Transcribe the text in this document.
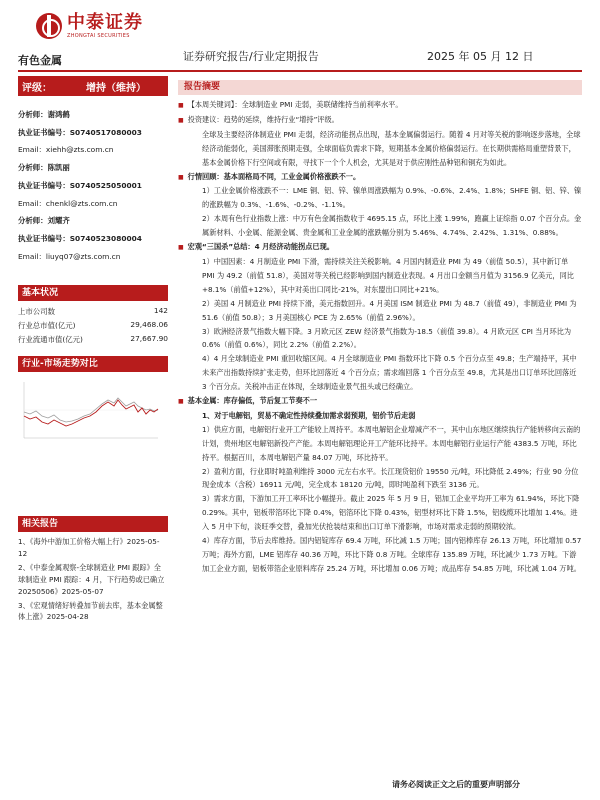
中泰证券
ZHONGTAI SECURITIES
有色金属	证券研究报告/行业定期报告	2025 年 05 月 12 日
评级：	增持（维持）
分析师：谢鸿鹤
执业证书编号：S0740517080003
Email：xiehh@zts.com.cn
分析师：陈凯丽
执业证书编号：S0740525050001
Email：chenkl@zts.com.cn
分析师：刘耀齐
执业证书编号：S0740523080004
Email：liuyq07@zts.com.cn
基本状况
上市公司数	142
行业总市值(亿元)	29,468.06
行业流通市值(亿元)	27,667.90
行业-市场走势对比
相关报告
1、《海外中游加工价格大幅上行》2025-05-12
2、《中泰金属观察-全球制造业 PMI 跟踪》全球制造业 PMI 跟踪：4 月，下行趋势或已确立 20250506》2025-05-07
3、《宏观情绪好转叠加节前去库，基本金属整体上涨》2025-04-28
报告摘要

■ 【本周关键词】：全球制造业 PMI 走弱，美联储维持当前利率水平。

■ 投资建议：趋势的延续，维持行业“增持”评级。

全球及主要经济体制造业 PMI 走弱，经济动能拐点出现，基本金属偏弱运行。随着 4 月对等关税的影响逐步落地，全球经济动能弱化，美国滞胀预期走强，全球面临负需求下降，短期基本金属价格偏弱运行。在长期供需格局重塑背景下，基本金属价格下行空间或有限，寻找下一个个人机会，尤其是对于供应刚性品种铝和铜充为如此。

■ 行情回顾：基本面格局不同，工业金属价格涨跌不一。

1）工业金属价格涨跌不一：LME 铜、铝、锌、镍单周涨跌幅为 0.9%、-0.6%、2.4%、1.8%；SHFE 铜、铝、锌、镍的涨跌幅为 0.3%、-1.6%、-0.2%、-1.1%。

2）本周有色行业指数上涨：中万有色金属指数收于 4695.15 点，环比上涨 1.99%，跑赢上证综指 0.07 个百分点。金属新材料、小金属、能源金属、贵金属和工业金属的涨跌幅分别为 5.46%、4.74%、2.42%、1.31%、0.88%。

■ 宏观“三国杀”总结：4 月经济动能拐点已现。

1）中国因素：4 月制造业 PMI 下滑，需持续关注关税影响。4 月国内制造业 PMI 为 49（前值 50.5），其中新订单 PMI 为 49.2（前值 51.8），美国对等关税已经影响到国内制造业表现。4 月出口金额当月值为 3156.9 亿美元，同比+8.1%（前值+12%），其中对美出口同比-21%，对东盟出口同比+21%。

2）美国 4 月制造业 PMI 持续下滑，美元指数回升。4 月美国 ISM 制造业 PMI 为 48.7（前值 49），非制造业 PMI 为 51.6（前值 50.8）；3 月美国核心 PCE 为 2.65%（前值 2.96%）。

3）欧洲经济景气指数大幅下降。3 月欧元区 ZEW 经济景气指数为-18.5（前值 39.8）。4 月欧元区 CPI 当月环比为 0.6%（前值 0.6%），同比 2.2%（前值 2.2%）。

4）4 月全球制造业 PMI 重回收缩区间。4 月全球制造业 PMI 指数环比下降 0.5 个百分点至 49.8；生产端持平，其中未来产出指数持续扩张走势，但环比回落近 4 个百分点；需求端回落 1 个百分点至 49.8，尤其是出口订单环比回落近 3 个百分点。关税冲击正在体现，全球制造业景气扭头或已经确立。

■ 基本金属：库存偏低，节后复工节奏不一

1、对于电解铝，贸易不确定性持续叠加需求弱预期，铝价节后走弱

1）供应方面，电解铝行业开工产能较上周持平。本周电解铝企业增减产不一，其中山东地区继续执行产能转移向云南的计划，贵州地区电解铝新投产产能。本周电解铝理论开工产能环比持平。本周电解铝行业运行产能 4383.5 万吨，环比持平。根据百川，本周电解铝产量 84.07 万吨，环比持平。

2）盈利方面，行业即时吨盈利维持 3000 元左右水平。长江现货铝价 19550 元/吨，环比降低 2.49%；行业 90 分位现金成本（含税）16911 元/吨，完全成本 18120 元/吨，即时吨盈利下跌至 3136 元。

3）需求方面，下游加工开工率环比小幅提升。截止 2025 年 5 月 9 日，铝加工企业平均开工率为 61.94%，环比下降 0.29%。其中，铝板带箔环比下降 0.4%，铝箔环比下降 0.43%，铝型材环比下降 1.5%，铝线缆环比增加 1.4%。进入 5 月中下旬，淡旺季交替，叠加光伏抢装结束和出口订单下滑影响，市场对需求走弱的预期较浓。

4）库存方面，节后去库维持。国内铝锭库存 69.4 万吨，环比减 1.5 万吨；国内铝棒库存 26.13 万吨，环比增加 0.57 万吨；海外方面，LME 铝库存 40.36 万吨，环比下降 0.8 万吨。全球库存 135.89 万吨，环比减少 1.73 万吨。下游加工企业方面，铝板带箔企业原料库存 25.24 万吨，环比增加 0.06 万吨；成品库存 54.85 万吨，环比减 1.04 万吨。

请务必阅读正文之后的重要声明部分
